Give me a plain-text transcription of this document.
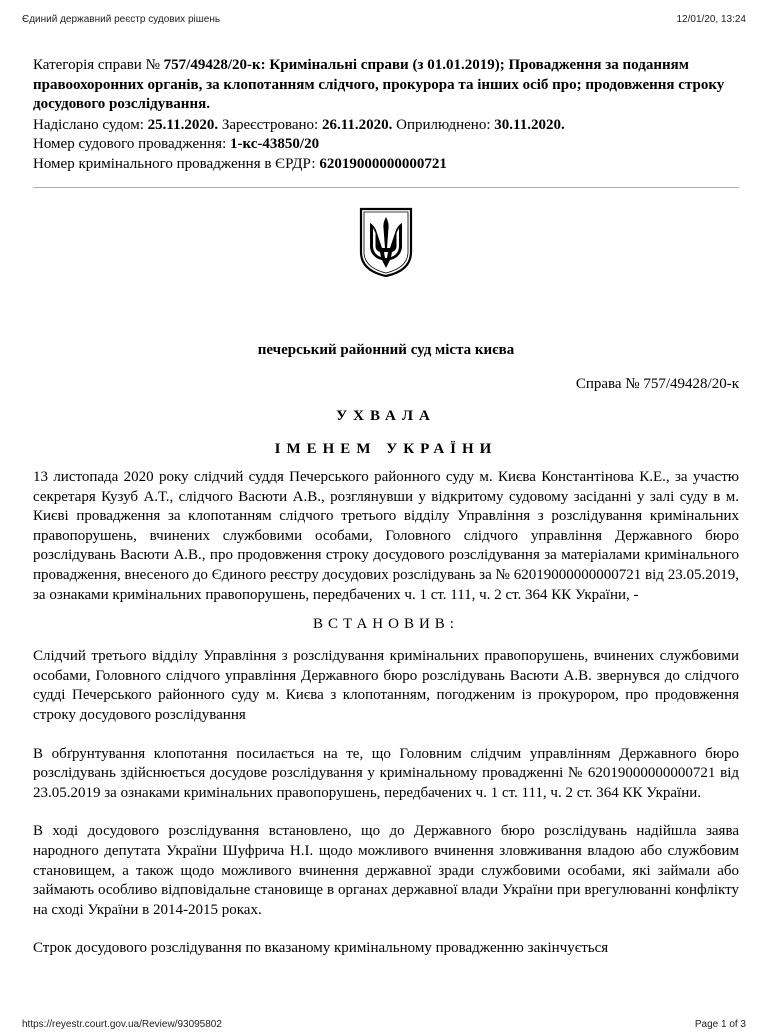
Єдиний державний реєстр судових рішень	12/01/20, 13:24

Категорія справи № 757/49428/20-к: Кримінальні справи (з 01.01.2019); Провадження за поданням правоохоронних органів, за клопотанням слідчого, прокурора та інших осіб про; продовження строку досудового розслідування.

Надіслано судом: 25.11.2020. Зареєстровано: 26.11.2020. Оприлюднено: 30.11.2020.

Номер судового провадження: 1-кс-43850/20

Номер кримінального провадження в ЄРДР: 62019000000000721

печерський районний суд міста києва
Справа № 757/49428/20-к
УХВАЛА
ІМЕНЕМ УКРАЇНИ

13 листопада 2020 року слідчий суддя Печерського районного суду м. Києва Константінова К.Е., за участю секретаря Кузуб А.Т., слідчого Васюти А.В., розглянувши у відкритому судовому засіданні у залі суду в м. Києві провадження за клопотанням слідчого третього відділу Управління з розслідування кримінальних правопорушень, вчинених службовими особами, Головного слідчого управління Державного бюро розслідувань Васюти А.В., про продовження строку досудового розслідування за матеріалами кримінального провадження, внесеного до Єдиного реєстру досудових розслідувань за № 62019000000000721 від 23.05.2019, за ознаками кримінальних правопорушень, передбачених ч. 1 ст. 111, ч. 2 ст. 364 КК України, -

ВСТАНОВИВ:

Слідчий третього відділу Управління з розслідування кримінальних правопорушень, вчинених службовими особами, Головного слідчого управління Державного бюро розслідувань Васюти А.В. звернувся до слідчого судді Печерського районного суду м. Києва з клопотанням, погодженим із прокурором, про продовження строку досудового розслідування

В обґрунтування клопотання посилається на те, що Головним слідчим управлінням Державного бюро розслідувань здійснюється досудове розслідування у кримінальному провадженні № 62019000000000721 від 23.05.2019 за ознаками кримінальних правопорушень, передбачених ч. 1 ст. 111, ч. 2 ст. 364 КК України.

В ході досудового розслідування встановлено, що до Державного бюро розслідувань надійшла заява народного депутата України Шуфрича Н.І. щодо можливого вчинення зловживання владою або службовим становищем, а також щодо можливого вчинення державної зради службовими особами, які займали або займають особливо відповідальне становище в органах державної влади України при врегулюванні конфлікту на сході України в 2014-2015 роках.

Строк досудового розслідування по вказаному кримінальному провадженню закінчується

https://reyestr.court.gov.ua/Review/93095802	Page 1 of 3
